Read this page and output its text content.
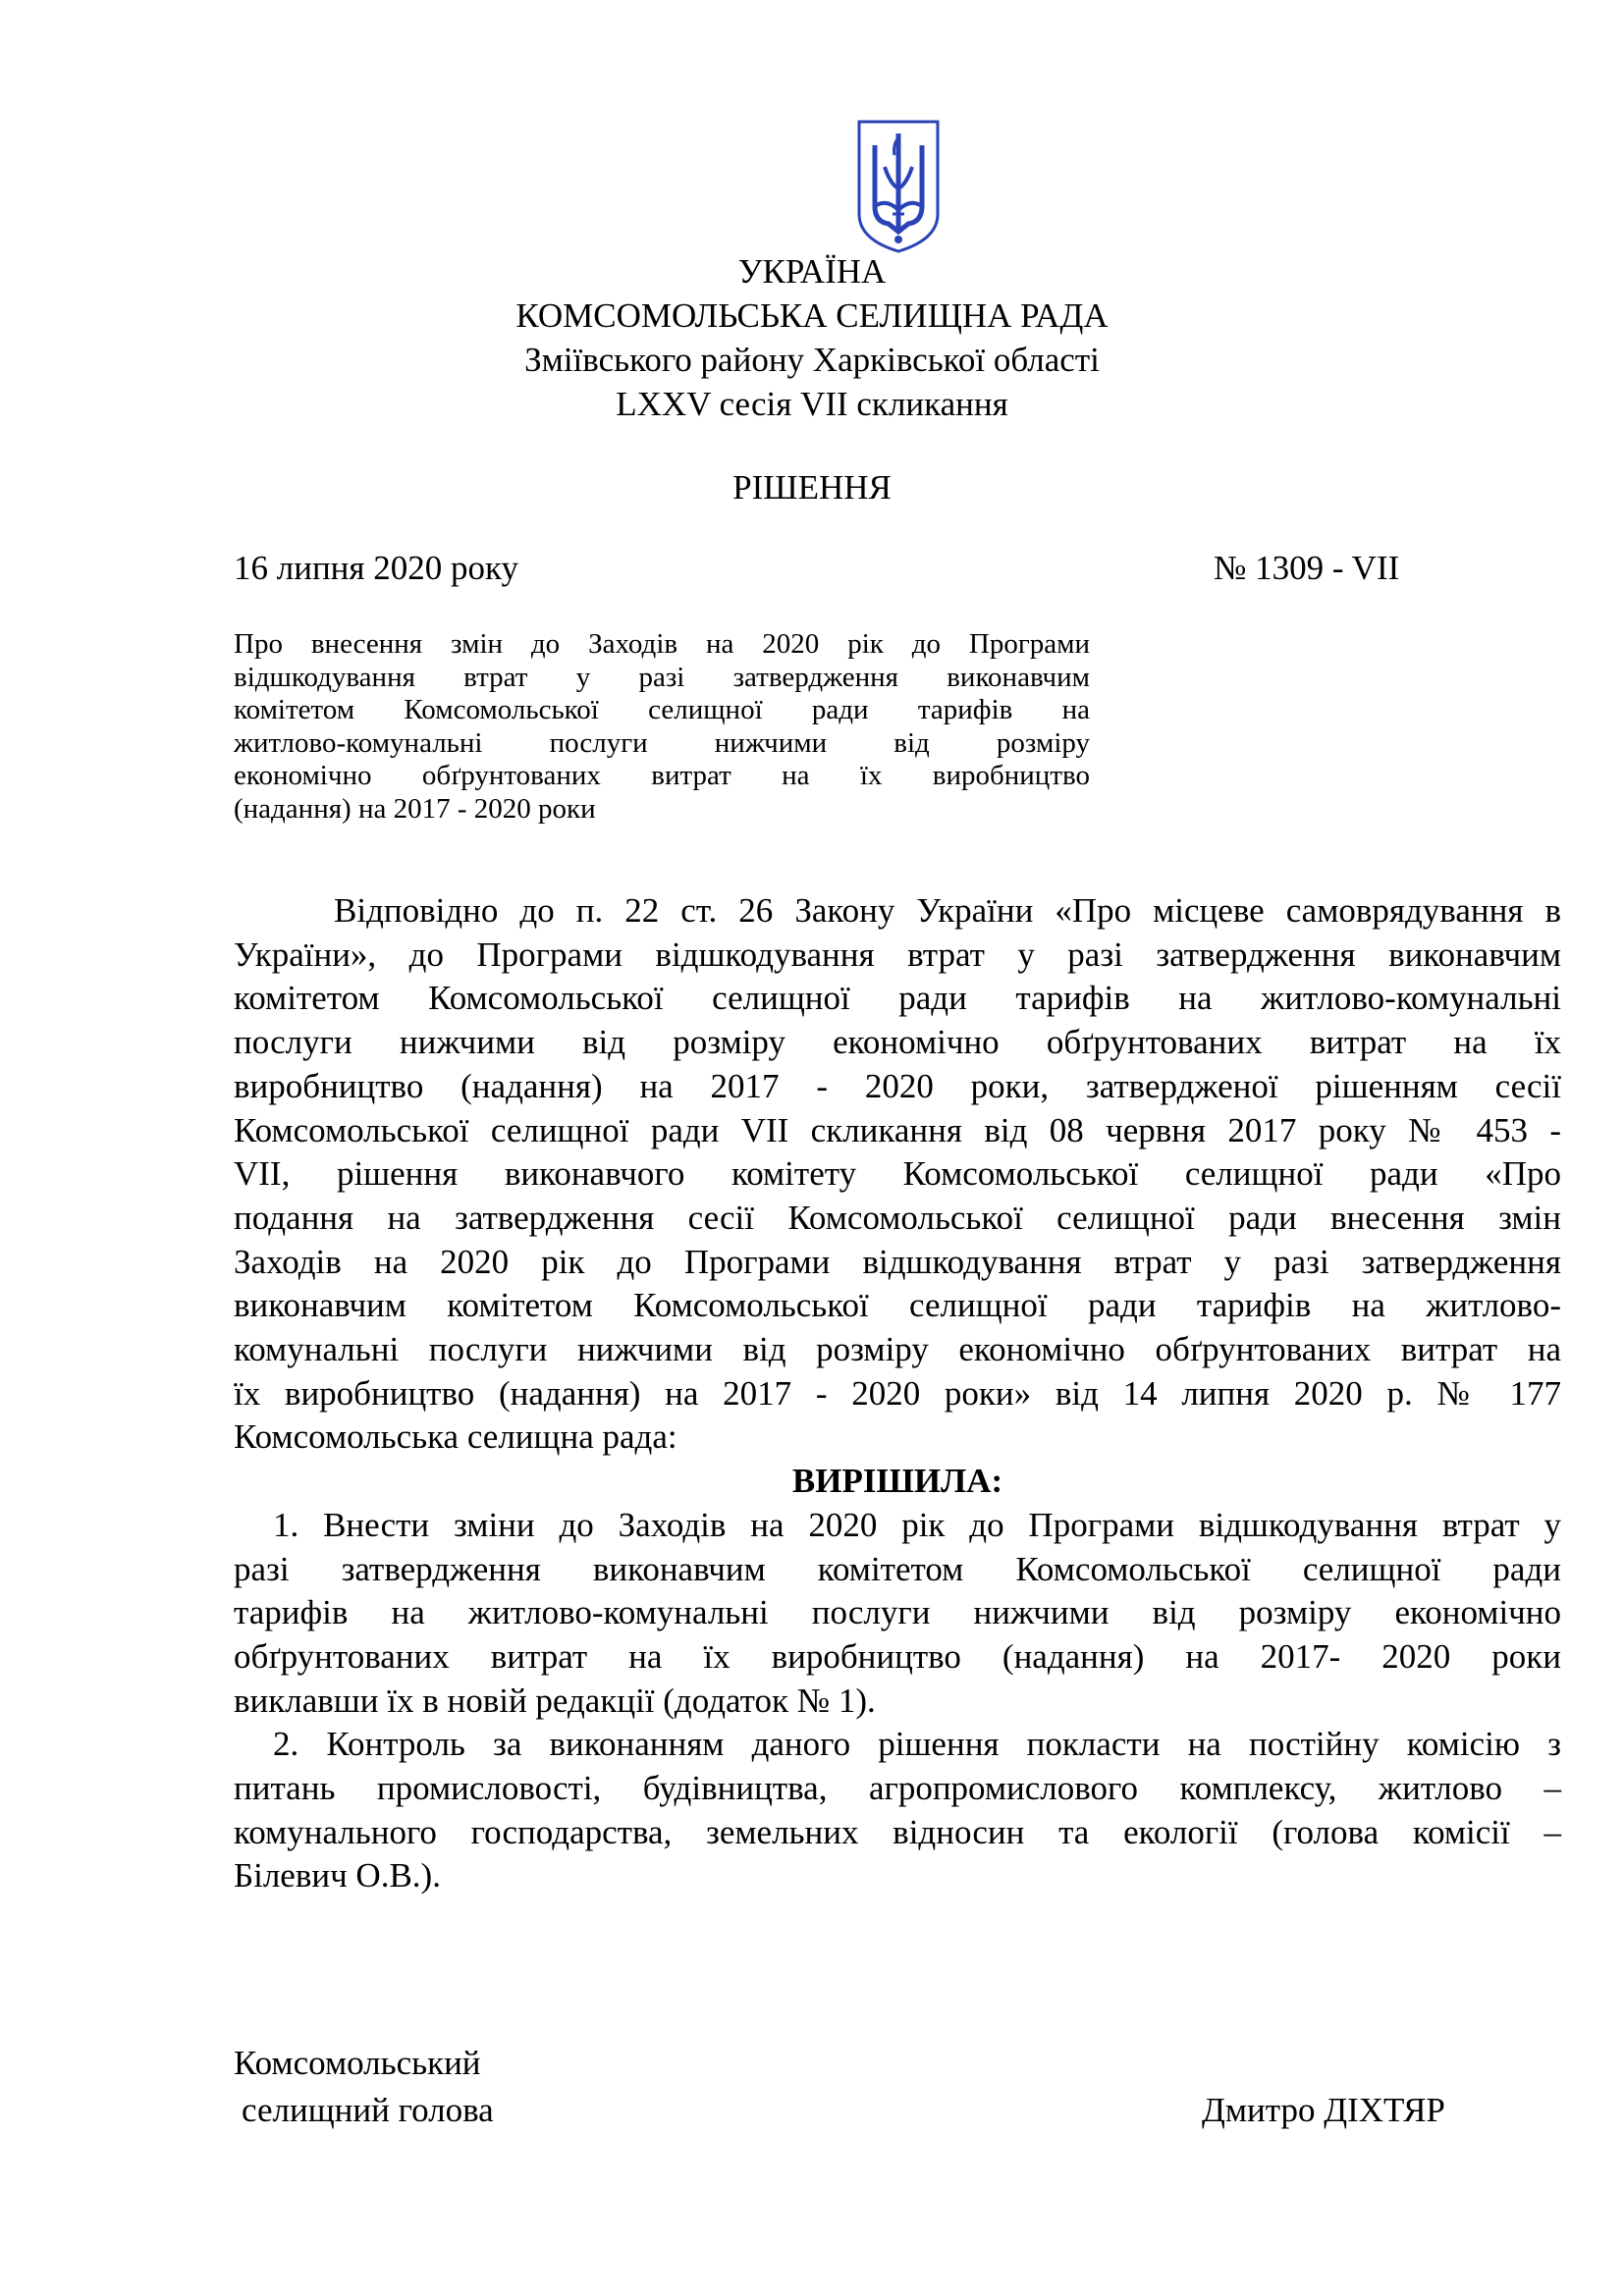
УКРАЇНА
КОМСОМОЛЬСЬКА СЕЛИЩНА РАДА
Зміївського району Харківської області
LXXV сесія VII скликання
РІШЕННЯ
16 липня 2020 року	№ 1309 - VII
Про внесення змін до Заходів на 2020 рік до Програми
відшкодування втрат у разі затвердження виконавчим
комітетом Комсомольської селищної ради тарифів на
житлово-комунальні послуги нижчими від розміру
економічно обґрунтованих витрат на їх виробництво
(надання) на 2017 - 2020 роки
Відповідно до п. 22 ст. 26 Закону України «Про місцеве самоврядування в
України», до Програми відшкодування втрат у разі затвердження виконавчим
комітетом Комсомольської селищної ради тарифів на житлово-комунальні
послуги нижчими від розміру економічно обґрунтованих витрат на їх
виробництво (надання) на 2017 - 2020 роки, затвердженої рішенням сесії
Комсомольської селищної ради VII скликання від 08 червня 2017 року № 453 -
VII, рішення виконавчого комітету Комсомольської селищної ради «Про
подання на затвердження сесії Комсомольської селищної ради внесення змін
Заходів на 2020 рік до Програми відшкодування втрат у разі затвердження
виконавчим комітетом Комсомольської селищної ради тарифів на житлово-
комунальні послуги нижчими від розміру економічно обґрунтованих витрат на
їх виробництво (надання) на 2017 - 2020 роки» від 14 липня 2020 р. № 177
Комсомольська селищна рада:
ВИРІШИЛА:
1. Внести зміни до Заходів на 2020 рік до Програми відшкодування втрат у
разі затвердження виконавчим комітетом Комсомольської селищної ради
тарифів на житлово-комунальні послуги нижчими від розміру економічно
обґрунтованих витрат на їх виробництво (надання) на 2017- 2020 роки
виклавши їх в новій редакції (додаток № 1).
2. Контроль за виконанням даного рішення покласти на постійну комісію з
питань промисловості, будівництва, агропромислового комплексу, житлово –
комунального господарства, земельних відносин та екології (голова комісії –
Білевич О.В.).
Комсомольський
селищний голова	Дмитро ДІХТЯР
